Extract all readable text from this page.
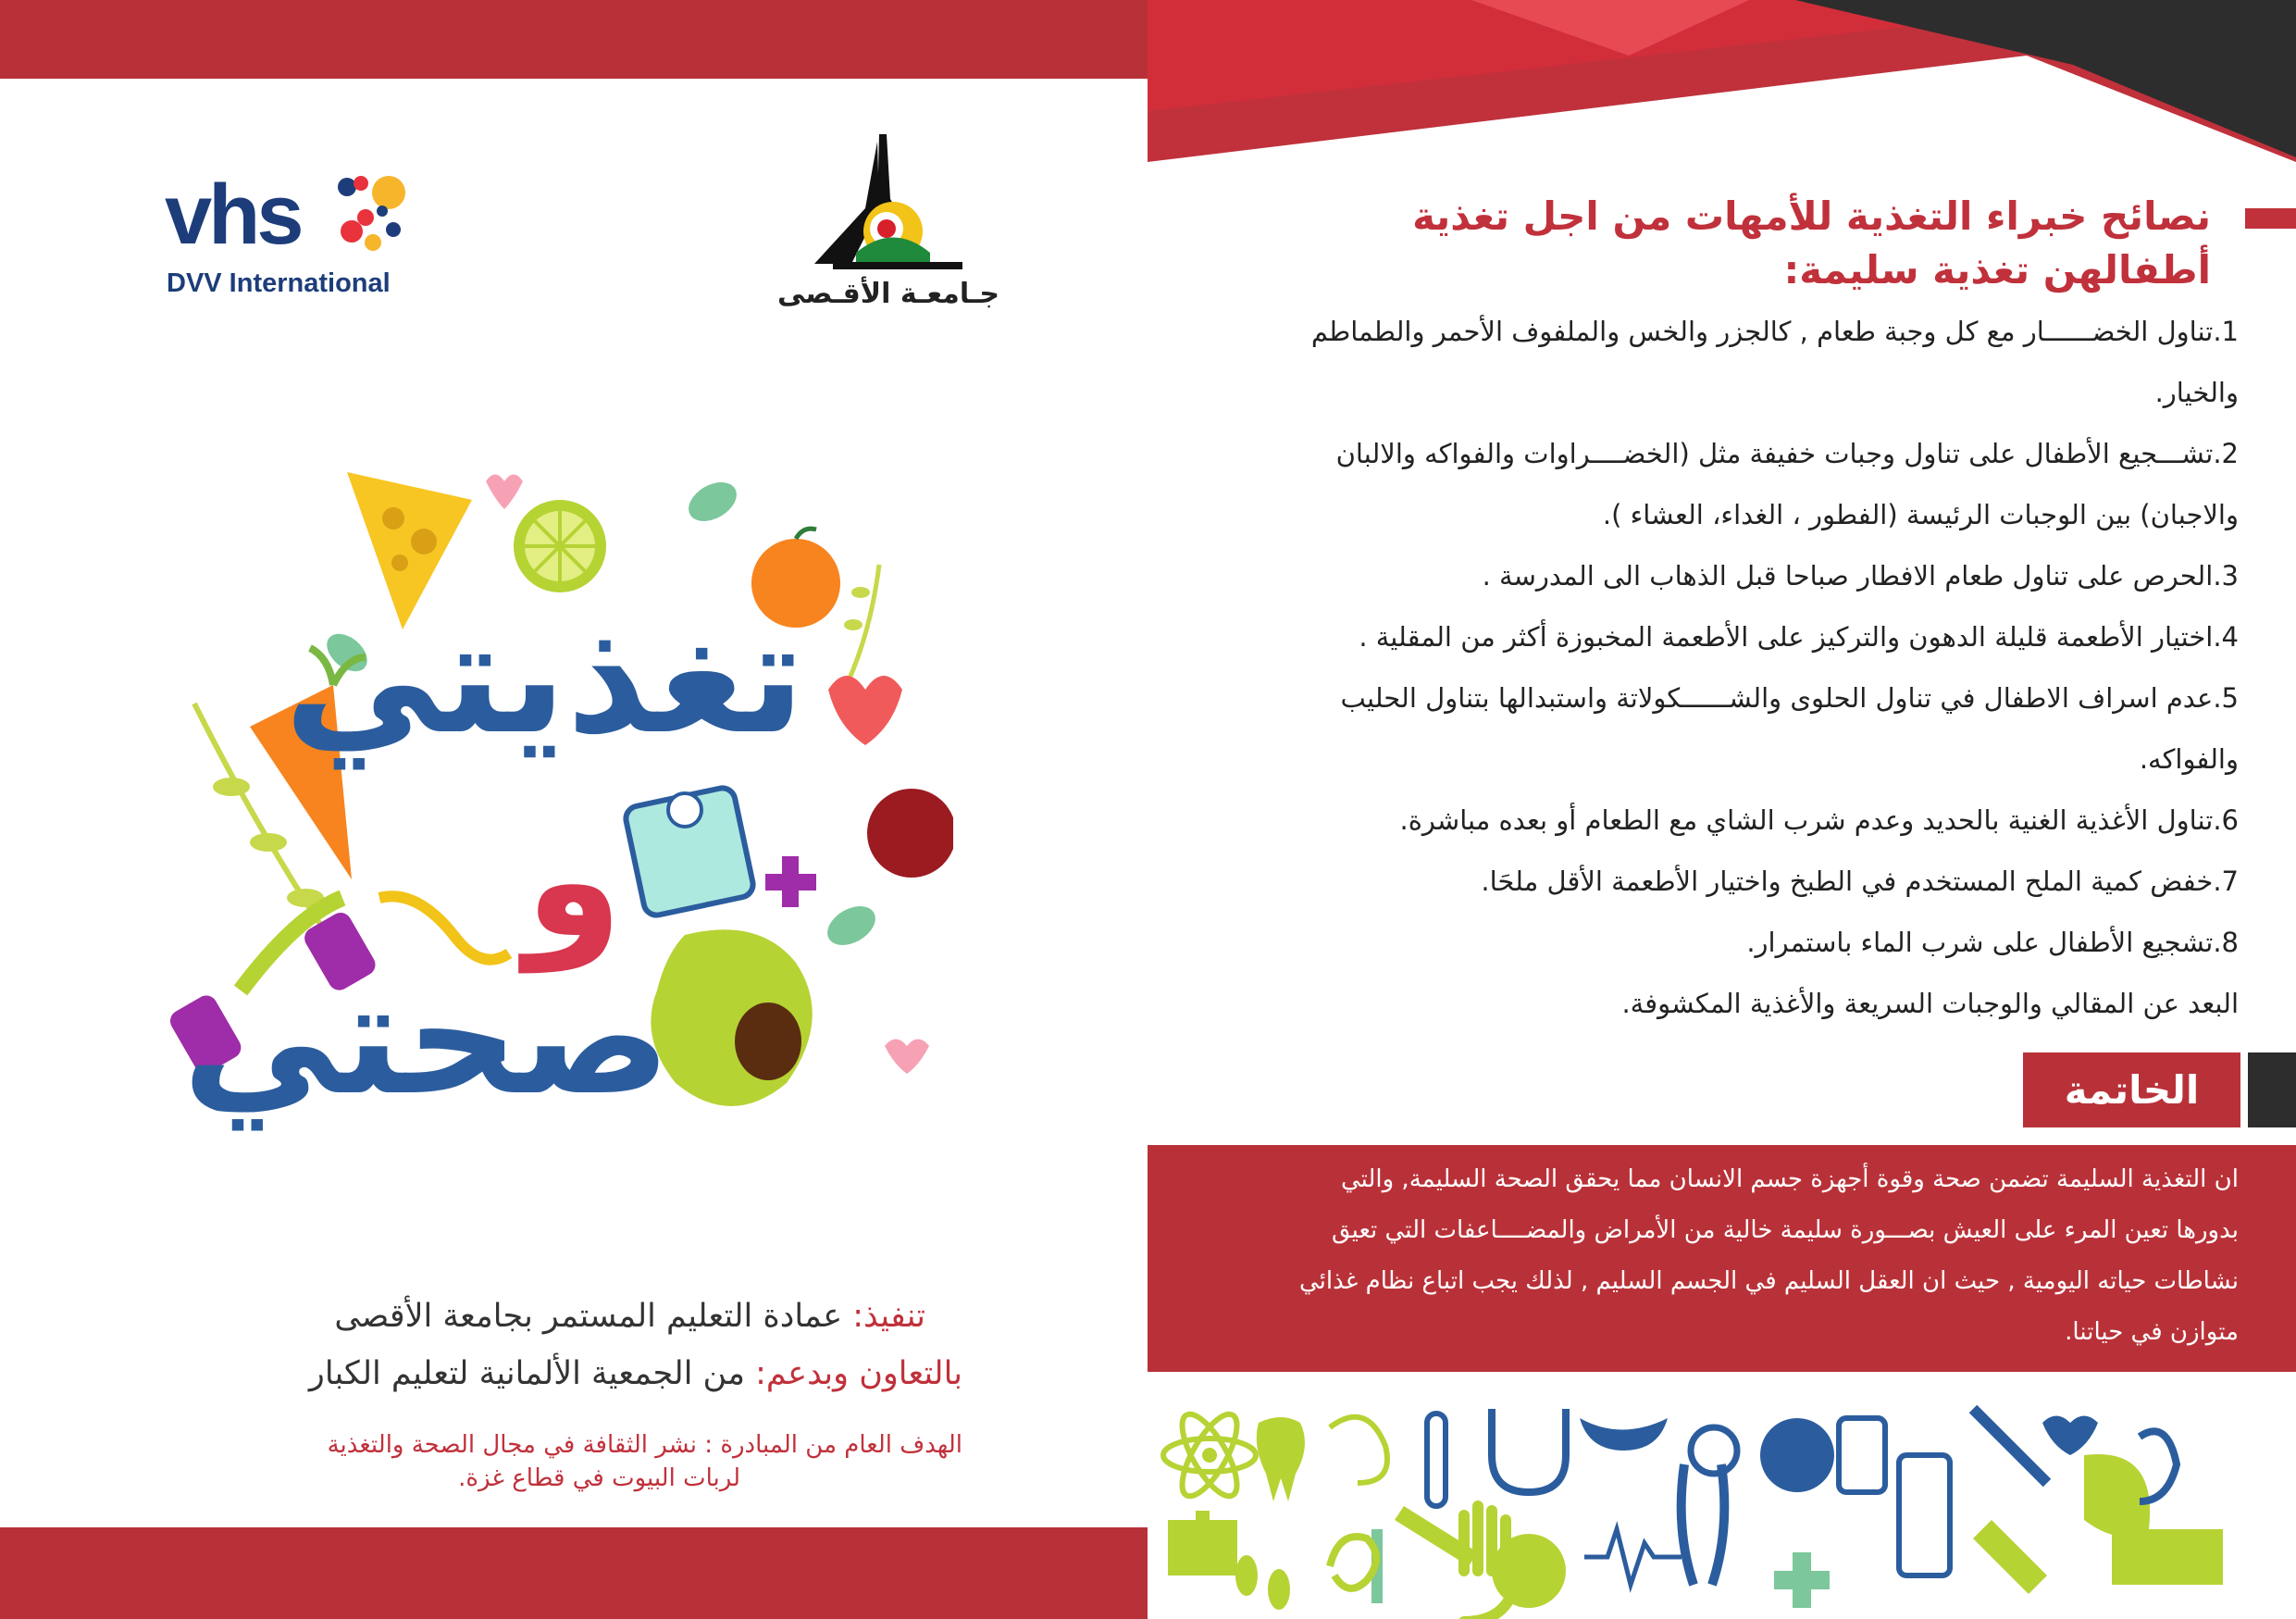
vhs
DVV International	جـامعـة الأقـصى
تغذيتي
و
صحتي
تنفيذ: عمادة التعليم المستمر بجامعة الأقصى
بالتعاون وبدعم: من الجمعية الألمانية لتعليم الكبار
الهدف العام من المبادرة : نشر الثقافة في مجال الصحة والتغذية
لربات البيوت في قطاع غزة.
نصائح خبراء التغذية للأمهات من اجل تغذية
أطفالهن تغذية سليمة:
1.تناول الخضــــــار مع كل وجبة طعام , كالجزر والخس والملفوف الأحمر والطماطم
والخيار.
2.تشـــجيع الأطفال على تناول وجبات خفيفة مثل (الخضــــراوات والفواكه والالبان
والاجبان) بين الوجبات الرئيسة (الفطور ، الغداء، العشاء ).
3.الحرص على تناول طعام الافطار صباحا قبل الذهاب الى المدرسة .
4.اختيار الأطعمة قليلة الدهون والتركيز على الأطعمة المخبوزة أكثر من المقلية .
5.عدم اسراف الاطفال في تناول الحلوى والشــــــكولاتة واستبدالها بتناول الحليب
والفواكه.
6.تناول الأغذية الغنية بالحديد وعدم شرب الشاي مع الطعام أو بعده مباشرة.
7.خفض كمية الملح المستخدم في الطبخ واختيار الأطعمة الأقل ملحَا.
8.تشجيع الأطفال على شرب الماء باستمرار.
البعد عن المقالي والوجبات السريعة والأغذية المكشوفة.
الخاتمة
ان التغذية السليمة تضمن صحة وقوة أجهزة جسم الانسان مما يحقق الصحة السليمة, والتي
بدورها تعين المرء على العيش بصـــورة سليمة خالية من الأمراض والمضــــاعفات التي تعيق
نشاطات حياته اليومية , حيث ان العقل السليم في الجسم السليم , لذلك يجب اتباع نظام غذائي
متوازن في حياتنا.
